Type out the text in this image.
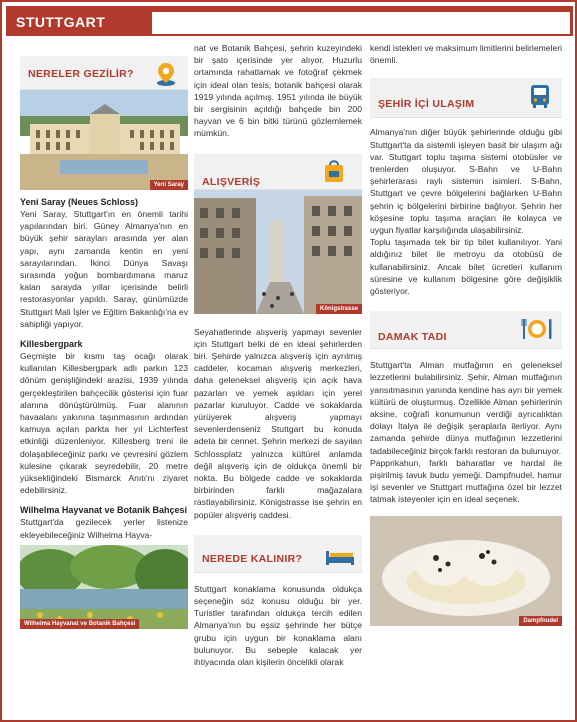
STUTTGART
NERELER GEZİLİR?
Yeni Saray
Yeni Saray (Neues Schloss)
Yeni Saray, Stuttgart'ın en önemli tarihi yapılarından biri. Güney Almanya'nın en büyük şehir sarayları arasında yer alan yapı, aynı zamanda kentin en yeni sarayılarından. İkinci Dünya Savaşı sırasında yoğun bombardımana maruz kalan sarayda yıllar içerisinde belirli restorasyonlar yapıldı. Saray, günümüzde Stuttgart Mali İşler ve Eğitim Bakanlığı'na ev sahipliği yapıyor.
Killesbergpark
Geçmişte bir kısmı taş ocağı olarak kullanılan Killesbergpark adlı parkın 123 dönüm genişliğindeki arazisi, 1939 yılında gerçekleştirilen bahçecilik gösterisi için fuar alanına dönüştürülmüş. Fuar alanının havaalanı yakınına taşınmasının ardından kamuya açılan parkta her yıl Lichterfest etkinliği düzenleniyor. Killesberg treni ile dolaşabileceğiniz parkı ve çevresini gözlem kulesine çıkarak seyredebilir, 20 metre yüksekliğindeki Bismarck Anıtı'nı ziyaret edebilirsiniz.
Wilhelma Hayvanat ve Botanik Bahçesi
Stuttgart'da gezilecek yerler listenize ekleyebileceğiniz Wilhelma Hayva-
Wilhelma Hayvanat ve Botanik Bahçesi
nat ve Botanik Bahçesi, şehrin kuzeyindeki bir şato içerisinde yer alıyor. Huzurlu ortamında rahatlamak ve fotoğraf çekmek için ideal olan tesis, botanik bahçesi olarak 1919 yılında açılmış. 1951 yılında ile büyük bir sergisinin açıldığı bahçede bin 200 hayvan ve 6 bin bitki türünü gözlemlemek mümkün.
ALIŞVERİŞ
Königstrasse
Seyahatlerinde alışveriş yapmayı sevenler için Stuttgart belki de en ideal şehirlerden biri. Şehirde yalnızca alışveriş için ayrılmış caddeler, kocaman alışveriş merkezleri, daha geleneksel alışveriş için açık hava pazarları ve yemek aşıkları için yerel pazarlar kuruluyor. Cadde ve sokaklarda yürüyerek alışveriş yapmayı sevenlerdenseniz Stuttgart bu konuda adeta bir cennet. Şehrin merkezi de sayılan Schlossplatz yalnızca kültürel anlamda değil alışveriş için de oldukça önemli bir nokta. Bu bölgede cadde ve sokaklarda birbirinden farklı mağazalara rastlayabilirsiniz. Königstrasse ise şehrin en popüler alışveriş caddesi.
NEREDE KALINIR?
Stuttgart konaklama konusunda oldukça seçeneğin söz konusu olduğu bir yer. Turistler tarafından oldukça tercih edilen Almanya'nın bu eşsiz şehrinde her bütçe grubu için uygun bir konaklama alanı bulunuyor. Bu sebeple kalacak yer ihtiyacında olan kişilerin öncelikli olarak
kendi istekleri ve maksimum limitlerini belirlemeleri önemli.
ŞEHİR İÇİ ULAŞIM
Almanya'nın diğer büyük şehirlerinde olduğu gibi Stuttgart'ta da sistemli işleyen basit bir ulaşım ağı var. Stuttgart toplu taşıma sistemi otobüsler ve trenlerden oluşuyor. S-Bahn ve U-Bahn şehirlerarası raylı sistemin isimleri. S-Bahn, Stuttgart ve çevre bölgelerini bağlarken U-Bahn şehrin iç bölgelerini birbirine bağlıyor. Şehrin her köşesine toplu taşıma araçları ile kolayca ve uygun fiyatlar karşılığında ulaşabilirsiniz.
Toplu taşımada tek bir tip bilet kullanılıyor. Yani aldığınız bilet ile metroyu da otobüsü de kullanabilirsiniz. Ancak bilet ücretleri kullanım süresine ve kullanım bölgesine göre değişiklik gösteriyor.
DAMAK TADI
Stuttgart'ta Alman mutfağının en geleneksel lezzetlerini bulabilirsiniz. Şehir, Alman mutfağının yansıtmasının yanında kendine has ayrı bir yemek kültürü de oluşturmuş. Özellikle Alman şehirlerinin aksine, coğrafi konumunun verdiği ayrıcalıktan dolayı İtalya ile değişik şeraplarla ilerliyor. Aynı zamanda şehirde dünya mutfağının lezzetlerini tadabileceğiniz birçok farklı restoran da bulunuyor.
Papprikahun, farklı baharatlar ve hardal ile pişirilmiş tavuk budu yemeği. Dampfnudel, hamur işi sevenler ve Stuttgart mutfağına özel bir lezzet tatmak isteyenler için en ideal seçenek.
Dampfnudel
